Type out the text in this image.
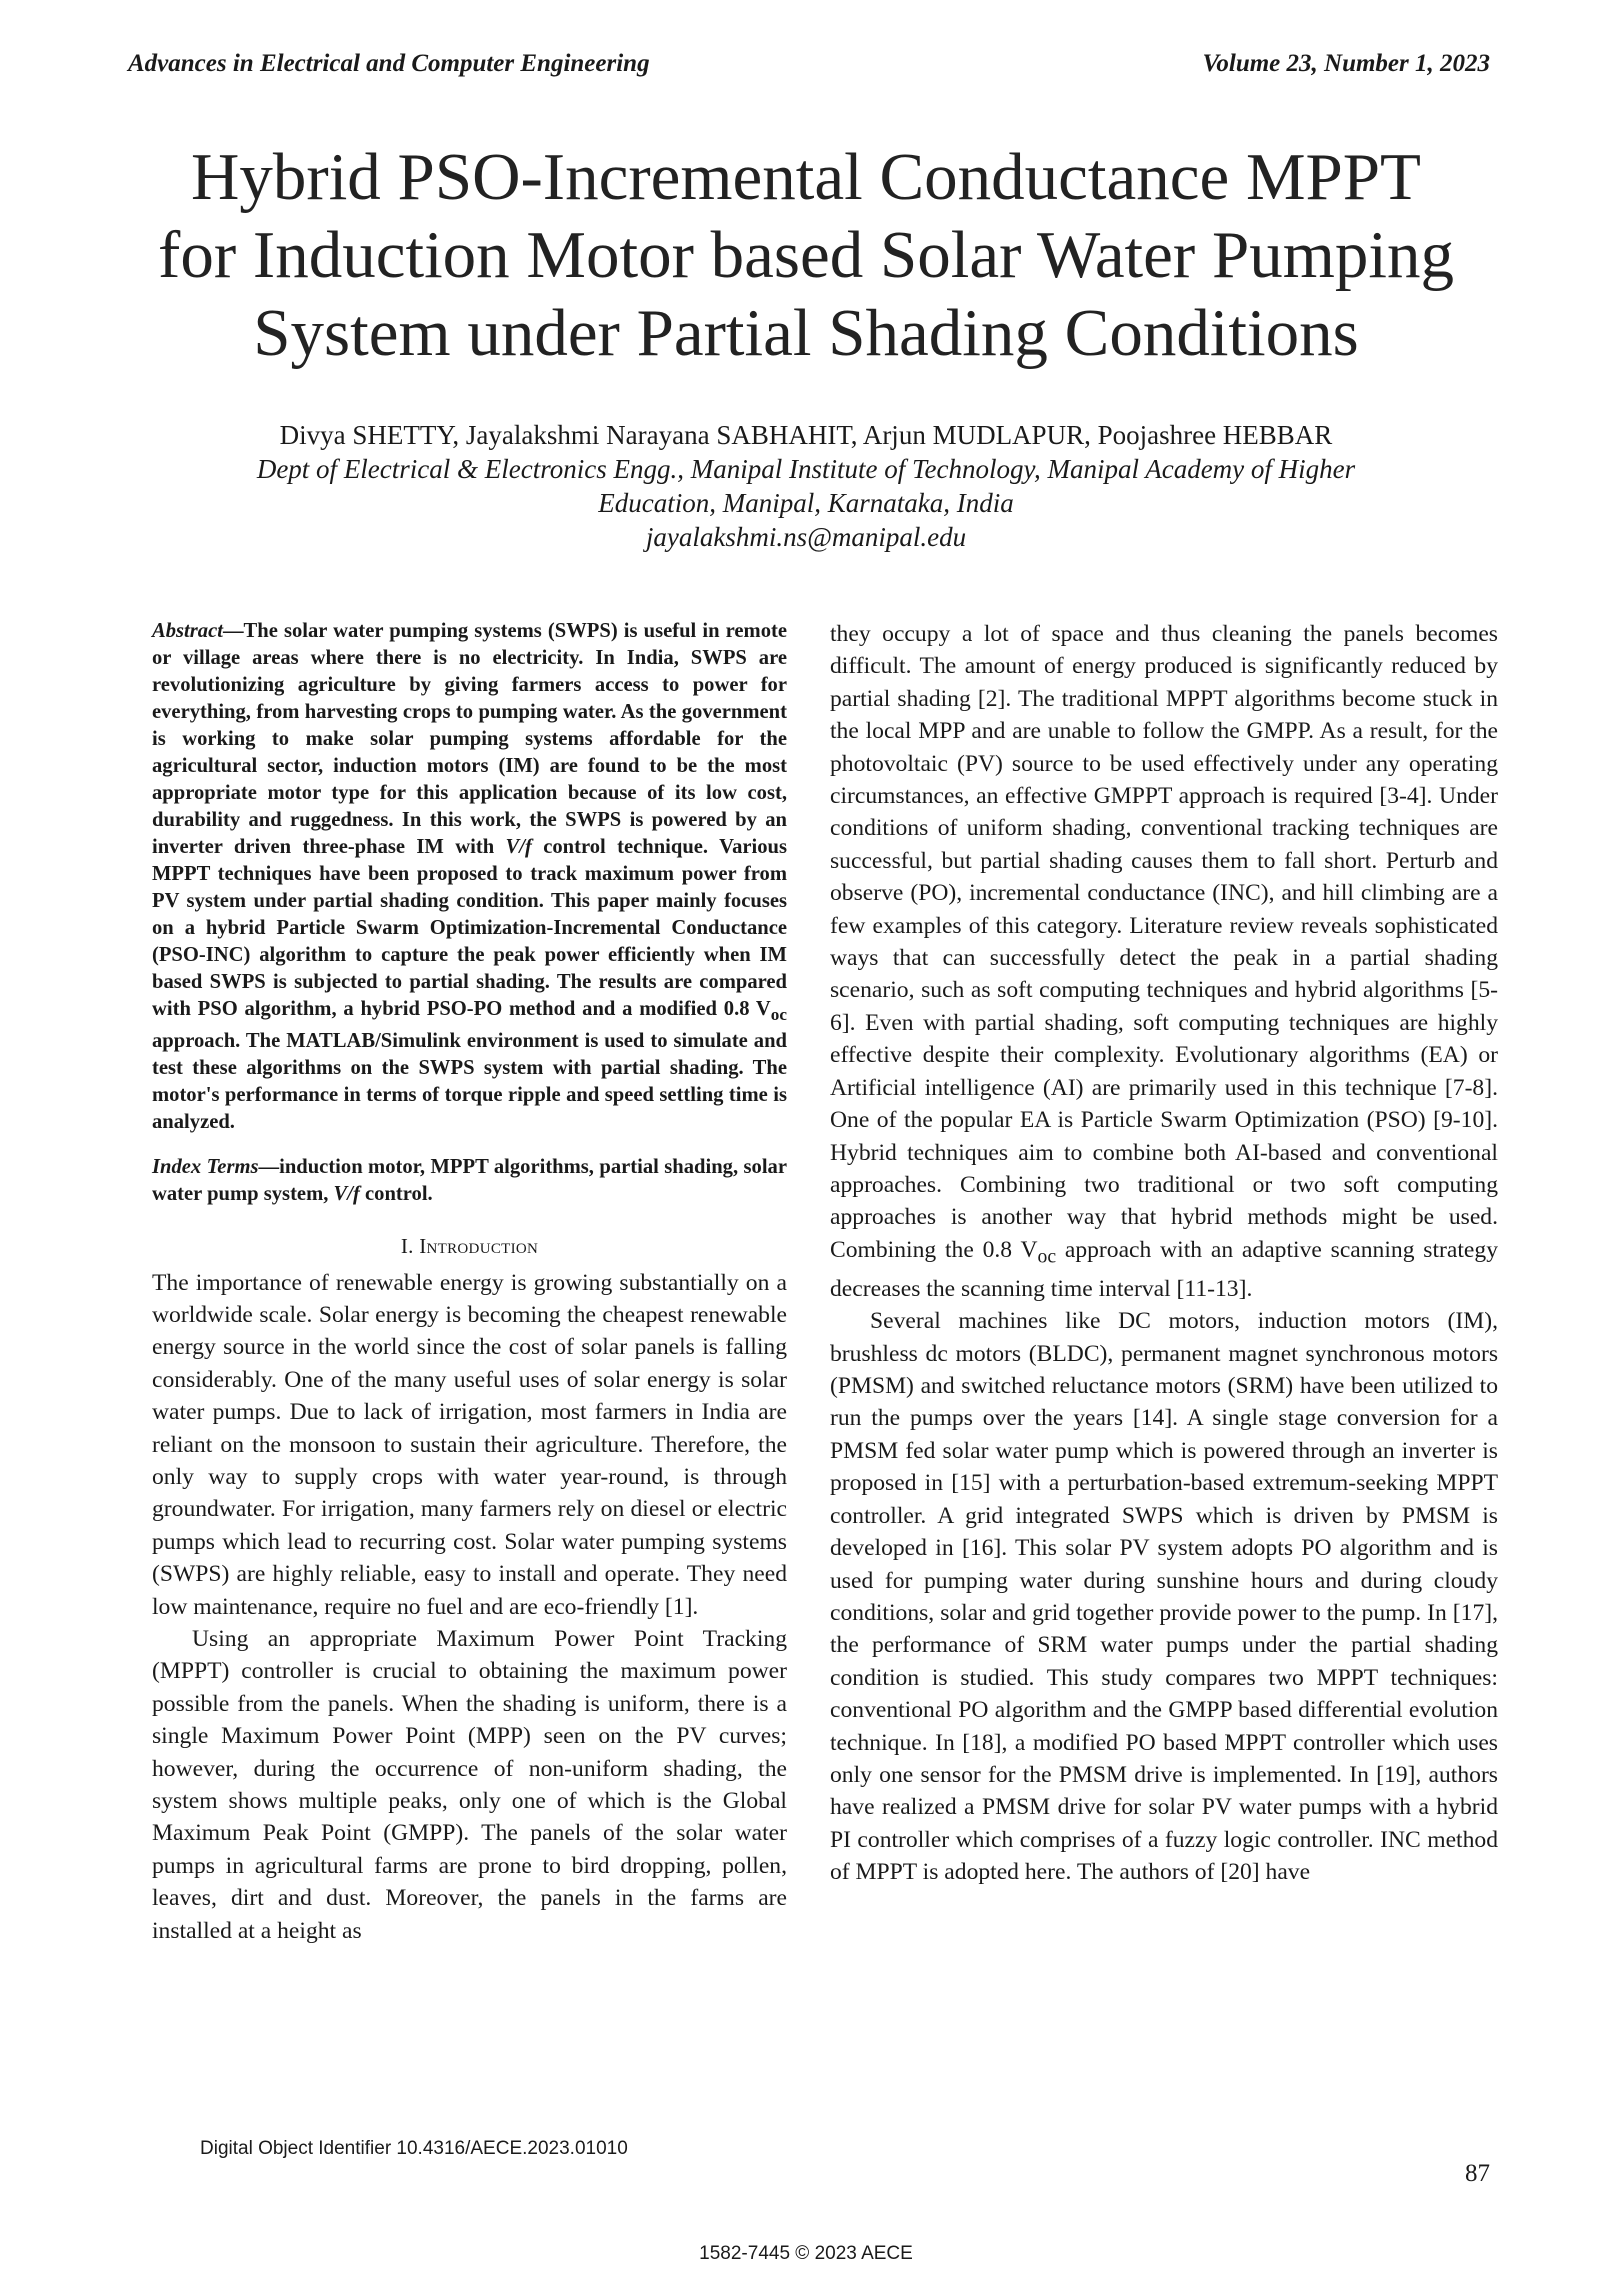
Advances in Electrical and Computer Engineering	Volume 23, Number 1, 2023
Hybrid PSO-Incremental Conductance MPPT
for Induction Motor based Solar Water Pumping
System under Partial Shading Conditions
Divya SHETTY, Jayalakshmi Narayana SABHAHIT, Arjun MUDLAPUR, Poojashree HEBBAR
Dept of Electrical & Electronics Engg., Manipal Institute of Technology, Manipal Academy of Higher
Education, Manipal, Karnataka, India
jayalakshmi.ns@manipal.edu

Abstract—The solar water pumping systems (SWPS) is useful in remote or village areas where there is no electricity. In India, SWPS are revolutionizing agriculture by giving farmers access to power for everything, from harvesting crops to pumping water. As the government is working to make solar pumping systems affordable for the agricultural sector, induction motors (IM) are found to be the most appropriate motor type for this application because of its low cost, durability and ruggedness. In this work, the SWPS is powered by an inverter driven three-phase IM with V/f control technique. Various MPPT techniques have been proposed to track maximum power from PV system under partial shading condition. This paper mainly focuses on a hybrid Particle Swarm Optimization-Incremental Conductance (PSO-INC) algorithm to capture the peak power efficiently when IM based SWPS is subjected to partial shading. The results are compared with PSO algorithm, a hybrid PSO-PO method and a modified 0.8 $V_{oc}$ approach. The MATLAB/Simulink environment is used to simulate and test these algorithms on the SWPS system with partial shading. The motor's performance in terms of torque ripple and speed settling time is analyzed.

Index Terms—induction motor, MPPT algorithms, partial shading, solar water pump system, V/f control.

I. Introduction

The importance of renewable energy is growing substantially on a worldwide scale. Solar energy is becoming the cheapest renewable energy source in the world since the cost of solar panels is falling considerably. One of the many useful uses of solar energy is solar water pumps. Due to lack of irrigation, most farmers in India are reliant on the monsoon to sustain their agriculture. Therefore, the only way to supply crops with water year-round, is through groundwater. For irrigation, many farmers rely on diesel or electric pumps which lead to recurring cost. Solar water pumping systems (SWPS) are highly reliable, easy to install and operate. They need low maintenance, require no fuel and are eco-friendly [1].

Using an appropriate Maximum Power Point Tracking (MPPT) controller is crucial to obtaining the maximum power possible from the panels. When the shading is uniform, there is a single Maximum Power Point (MPP) seen on the PV curves; however, during the occurrence of non-uniform shading, the system shows multiple peaks, only one of which is the Global Maximum Peak Point (GMPP). The panels of the solar water pumps in agricultural farms are prone to bird dropping, pollen, leaves, dirt and dust. Moreover, the panels in the farms are installed at a height as

they occupy a lot of space and thus cleaning the panels becomes difficult. The amount of energy produced is significantly reduced by partial shading [2]. The traditional MPPT algorithms become stuck in the local MPP and are unable to follow the GMPP. As a result, for the photovoltaic (PV) source to be used effectively under any operating circumstances, an effective GMPPT approach is required [3-4]. Under conditions of uniform shading, conventional tracking techniques are successful, but partial shading causes them to fall short. Perturb and observe (PO), incremental conductance (INC), and hill climbing are a few examples of this category. Literature review reveals sophisticated ways that can successfully detect the peak in a partial shading scenario, such as soft computing techniques and hybrid algorithms [5-6]. Even with partial shading, soft computing techniques are highly effective despite their complexity. Evolutionary algorithms (EA) or Artificial intelligence (AI) are primarily used in this technique [7-8]. One of the popular EA is Particle Swarm Optimization (PSO) [9-10]. Hybrid techniques aim to combine both AI-based and conventional approaches. Combining two traditional or two soft computing approaches is another way that hybrid methods might be used. Combining the 0.8 $V_{oc}$ approach with an adaptive scanning strategy decreases the scanning time interval [11-13].

Several machines like DC motors, induction motors (IM), brushless dc motors (BLDC), permanent magnet synchronous motors (PMSM) and switched reluctance motors (SRM) have been utilized to run the pumps over the years [14]. A single stage conversion for a PMSM fed solar water pump which is powered through an inverter is proposed in [15] with a perturbation-based extremum-seeking MPPT controller. A grid integrated SWPS which is driven by PMSM is developed in [16]. This solar PV system adopts PO algorithm and is used for pumping water during sunshine hours and during cloudy conditions, solar and grid together provide power to the pump. In [17], the performance of SRM water pumps under the partial shading condition is studied. This study compares two MPPT techniques: conventional PO algorithm and the GMPP based differential evolution technique. In [18], a modified PO based MPPT controller which uses only one sensor for the PMSM drive is implemented. In [19], authors have realized a PMSM drive for solar PV water pumps with a hybrid PI controller which comprises of a fuzzy logic controller. INC method of MPPT is adopted here. The authors of [20] have

Digital Object Identifier 10.4316/AECE.2023.01010
87
1582-7445 © 2023 AECE
